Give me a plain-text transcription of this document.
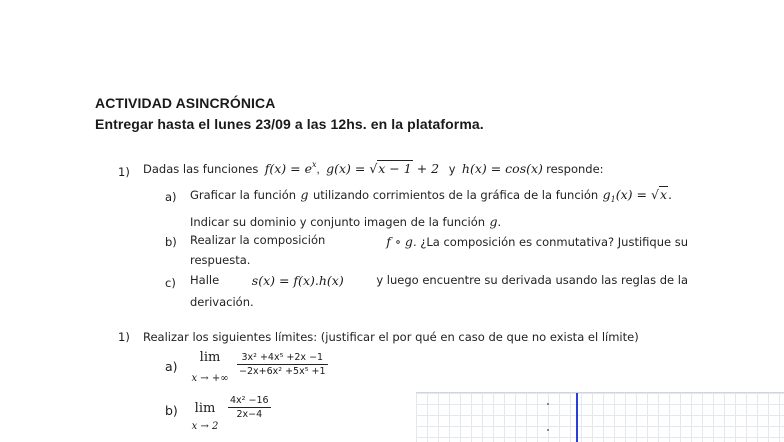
ACTIVIDAD ASINCRÓNICA
Entregar hasta el lunes 23/09 a las 12hs. en la plataforma.
1) Dadas las funciones $f(x) = e^x$,  g(x) = √x − 1 + 2 y h(x) = cos(x) responde:
a) Graficar la función g utilizando corrimientos de la gráfica de la función $g_1(x) = √x$.
Indicar su dominio y conjunto imagen de la función g.
b) Realizar la composición	f ∘ g. ¿La composición es conmutativa? Justifique su
respuesta.
c) Halle	s(x) = f(x).h(x)	y luego encuentre su derivada usando las reglas de la
derivación.
1) Realizar los siguientes límites: (justificar el por qué en caso de que no exista el límite)
a)
lim
x → +∞
$\frac{\text{3x² +4x⁵ +2x −1}}{\text{−2x+6x² +5x⁵ +1}}$
b)	lim
x → 2
$\frac{\text{4x² −16}}{2x-4}$
